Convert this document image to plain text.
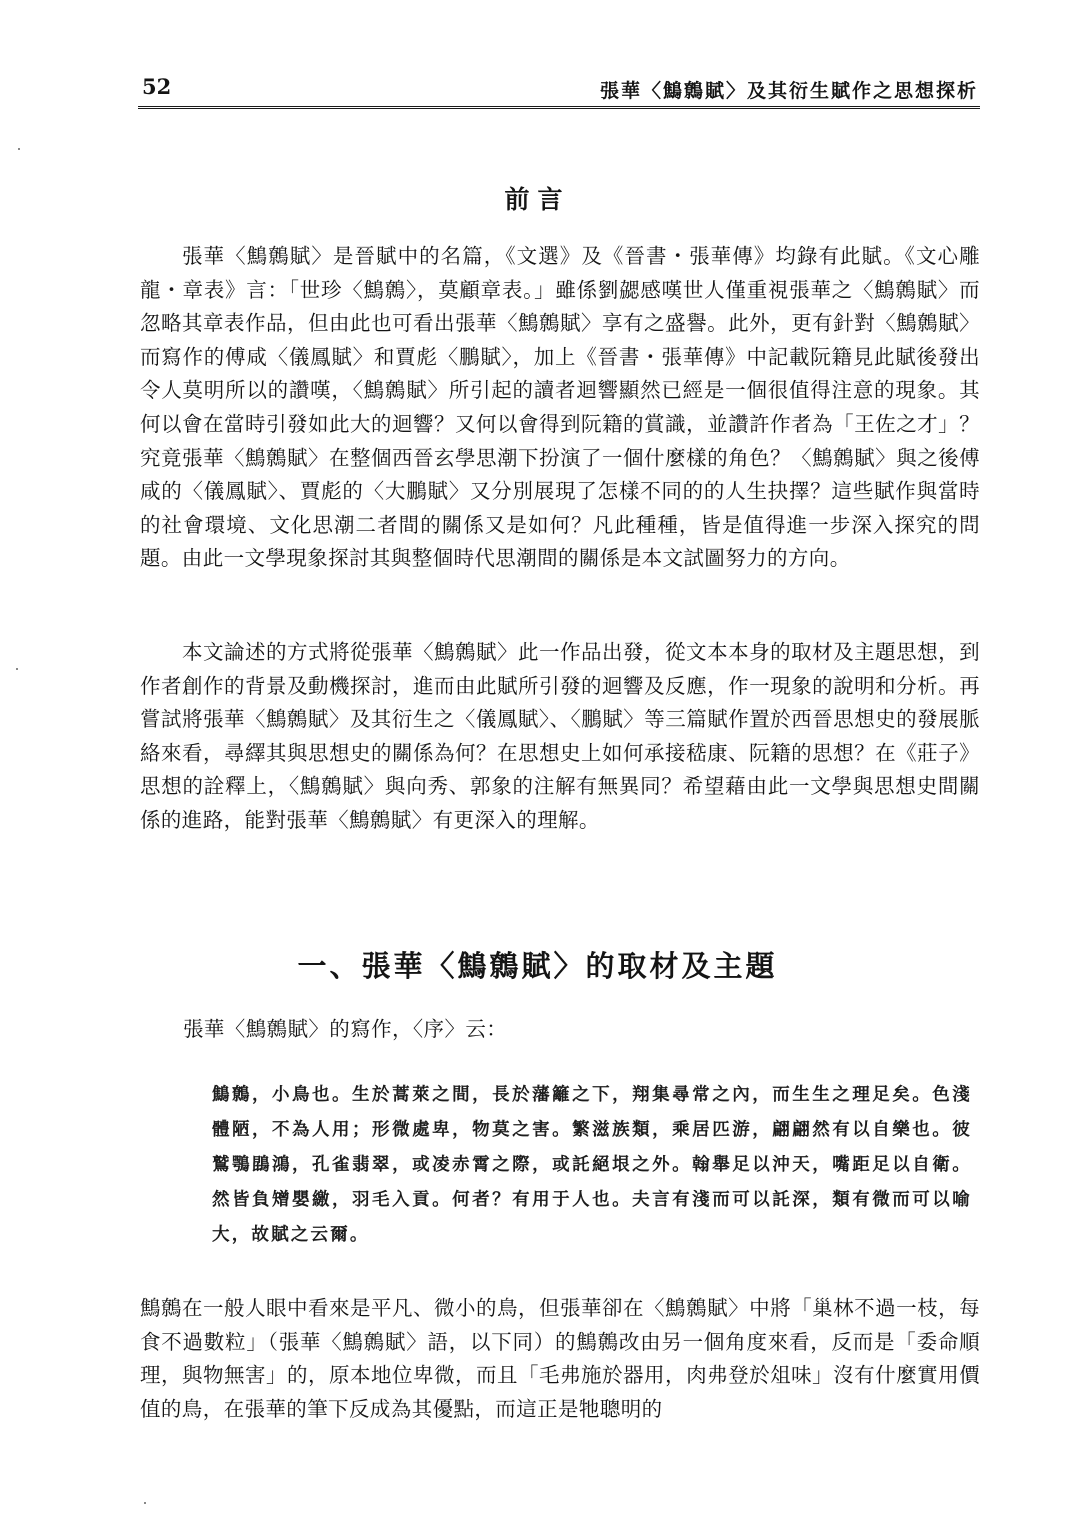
52	張華〈鷦鷯賦〉及其衍生賦作之思想探析
前言

張華〈鷦鷯賦〉是晉賦中的名篇，《文選》及《晉書・張華傳》均錄有此賦。《文心雕龍・章表》言：「世珍〈鷦鷯〉，莫顧章表。」雖係劉勰感嘆世人僅重視張華之〈鷦鷯賦〉而忽略其章表作品，但由此也可看出張華〈鷦鷯賦〉享有之盛譽。此外，更有針對〈鷦鷯賦〉而寫作的傅咸〈儀鳳賦〉和賈彪〈鵬賦〉，加上《晉書・張華傳》中記載阮籍見此賦後發出令人莫明所以的讚嘆，〈鷦鷯賦〉所引起的讀者迴響顯然已經是一個很值得注意的現象。其何以會在當時引發如此大的迴響？又何以會得到阮籍的賞識，並讚許作者為「王佐之才」？究竟張華〈鷦鷯賦〉在整個西晉玄學思潮下扮演了一個什麼樣的角色？〈鷦鷯賦〉與之後傅咸的〈儀鳳賦〉、賈彪的〈大鵬賦〉又分別展現了怎樣不同的的人生抉擇？這些賦作與當時的社會環境、文化思潮二者間的關係又是如何？凡此種種，皆是值得進一步深入探究的問題。由此一文學現象探討其與整個時代思潮間的關係是本文試圖努力的方向。

本文論述的方式將從張華〈鷦鷯賦〉此一作品出發，從文本本身的取材及主題思想，到作者創作的背景及動機探討，進而由此賦所引發的迴響及反應，作一現象的說明和分析。再嘗試將張華〈鷦鷯賦〉及其衍生之〈儀鳳賦〉、〈鵬賦〉等三篇賦作置於西晉思想史的發展脈絡來看，尋繹其與思想史的關係為何？在思想史上如何承接嵇康、阮籍的思想？在《莊子》思想的詮釋上，〈鷦鷯賦〉與向秀、郭象的注解有無異同？希望藉由此一文學與思想史間關係的進路，能對張華〈鷦鷯賦〉有更深入的理解。

一、張華〈鷦鷯賦〉的取材及主題

張華〈鷦鷯賦〉的寫作，〈序〉云：

鷦鷯，小鳥也。生於蒿萊之間，長於藩籬之下，翔集尋常之內，而生生之理足矣。色淺體陋，不為人用；形微處卑，物莫之害。繁滋族類，乘居匹游，翩翩然有以自樂也。彼鷲鶚鵾鴻，孔雀翡翠，或凌赤霄之際，或託絕垠之外。翰舉足以沖天，嘴距足以自衛。然皆負矰嬰繳，羽毛入貢。何者？有用于人也。夫言有淺而可以託深，類有微而可以喻大，故賦之云爾。

鷦鷯在一般人眼中看來是平凡、微小的鳥，但張華卻在〈鷦鷯賦〉中將「巢林不過一枝，每食不過數粒」（張華〈鷦鷯賦〉語，以下同）的鷦鷯改由另一個角度來看，反而是「委命順理，與物無害」的，原本地位卑微，而且「毛弗施於器用，肉弗登於俎味」沒有什麼實用價值的鳥，在張華的筆下反成為其優點，而這正是牠聰明的
